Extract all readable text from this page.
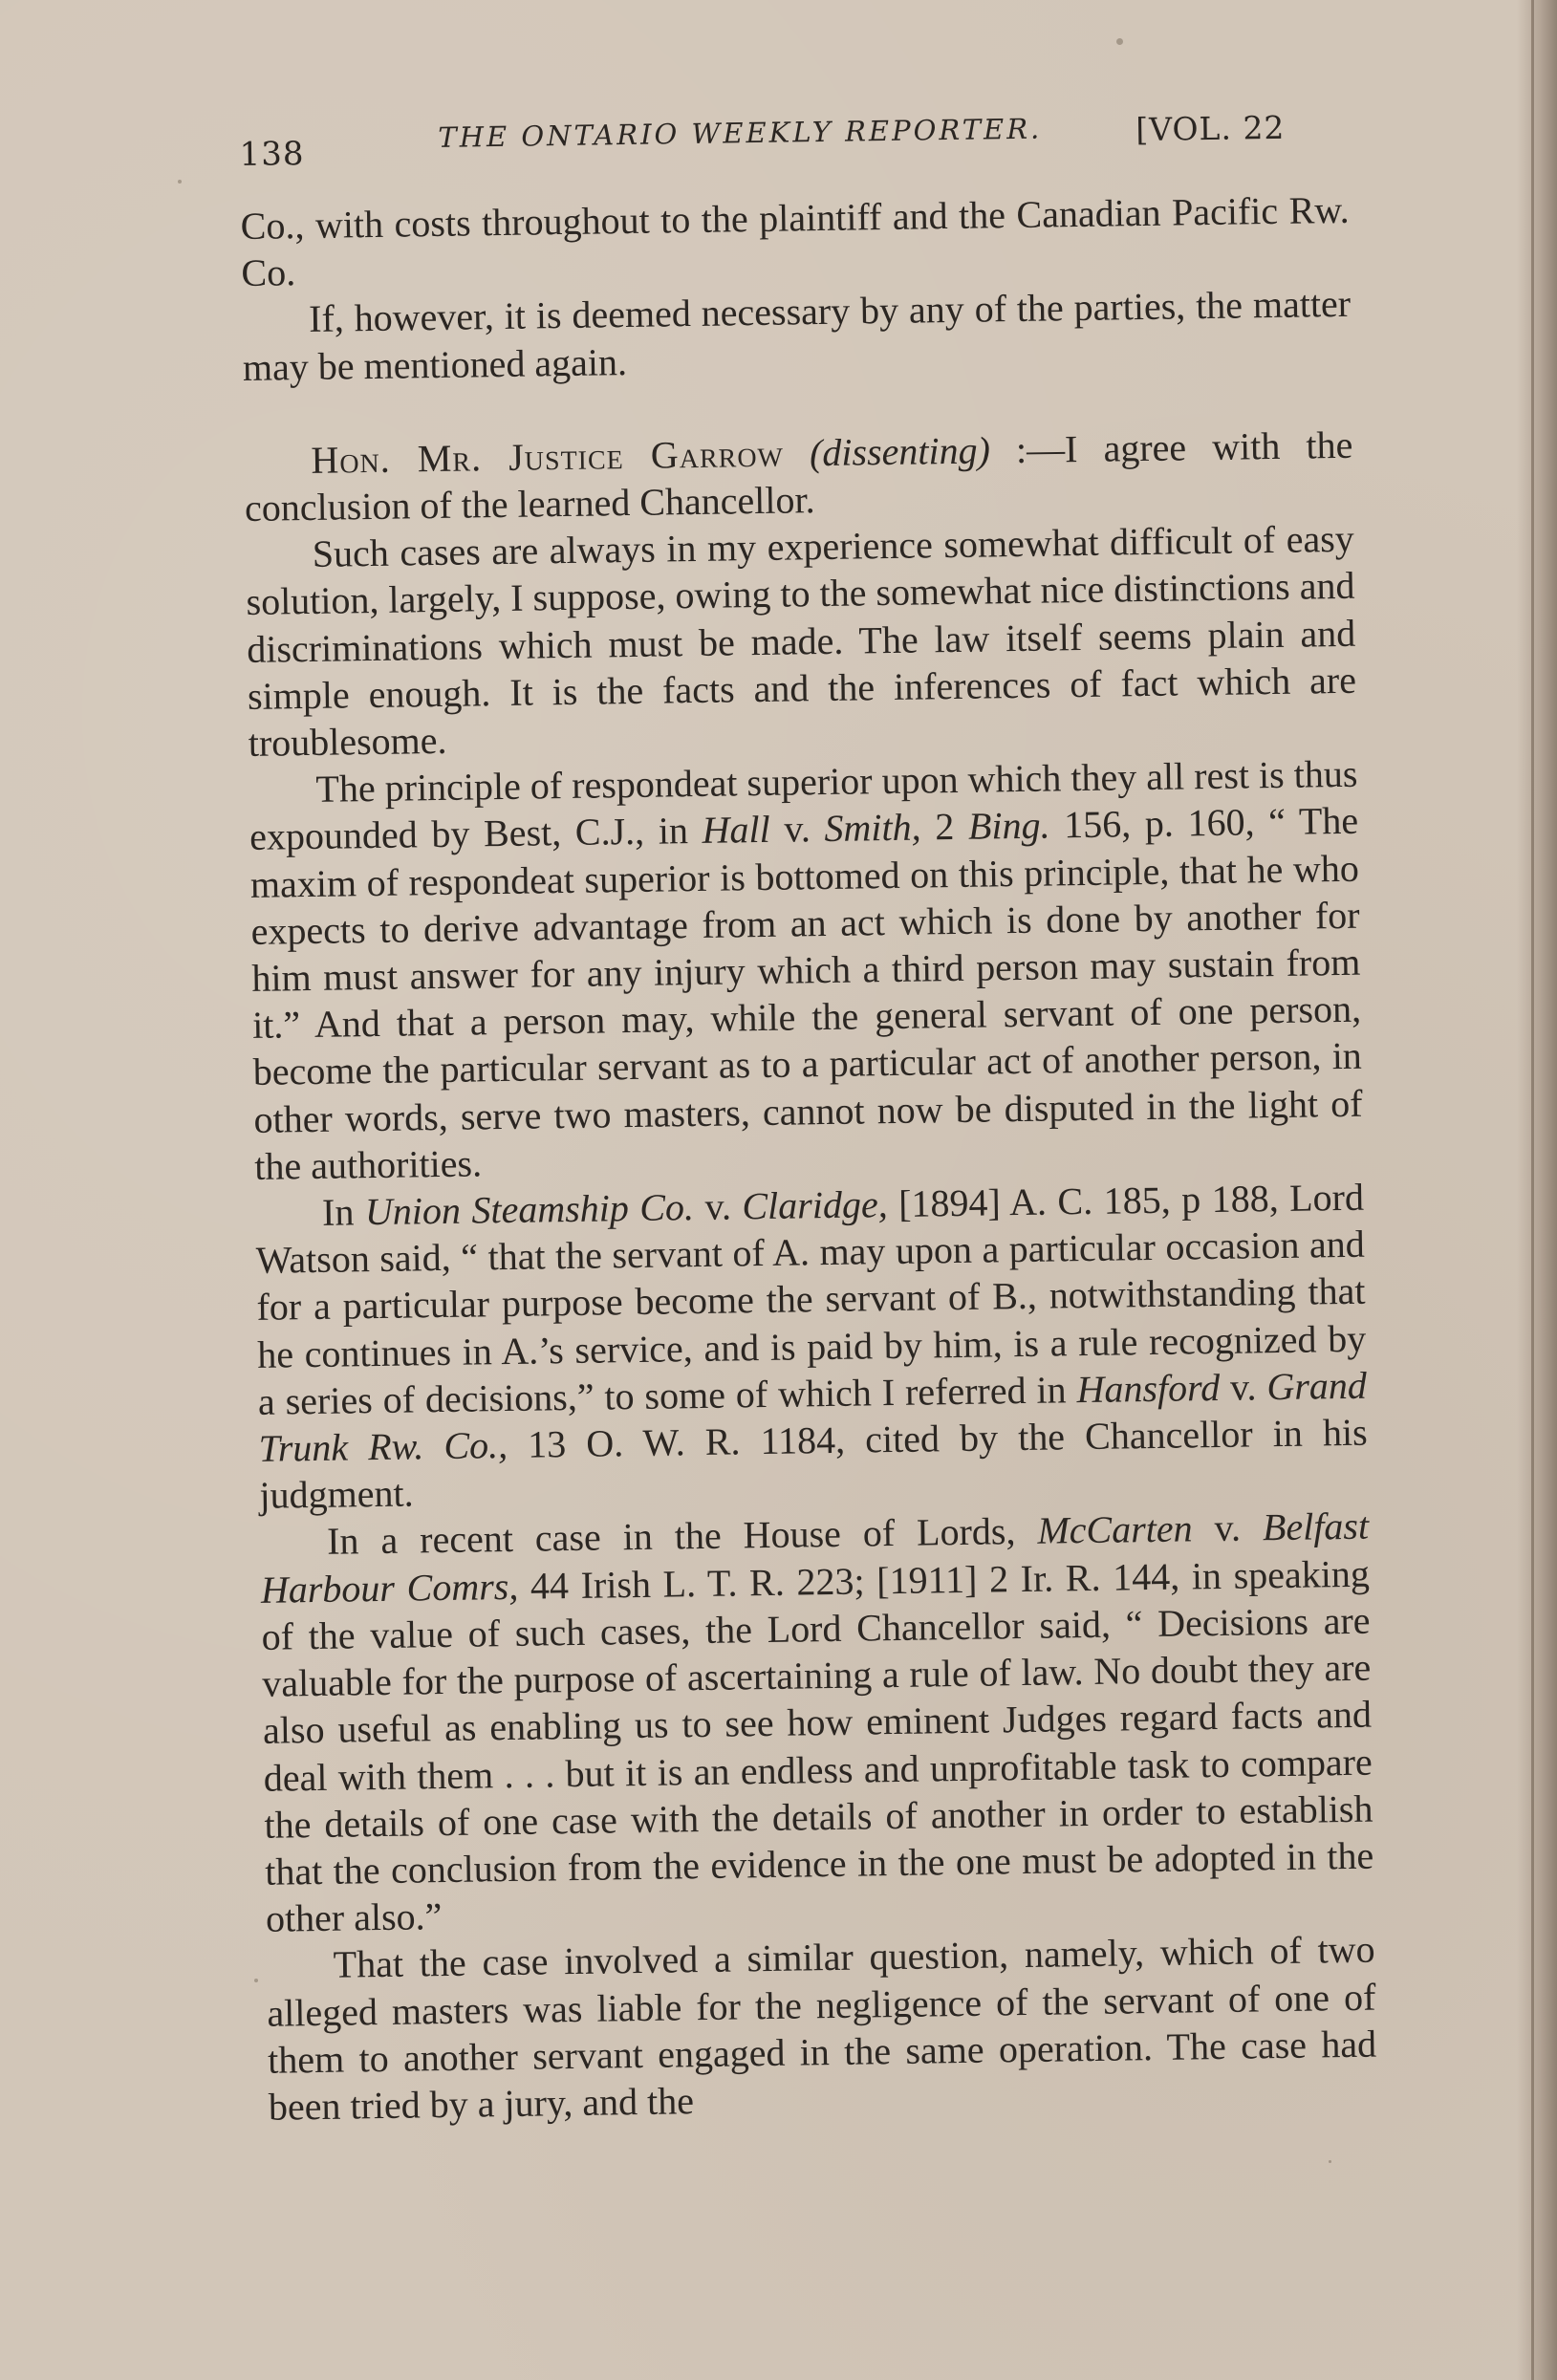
138
THE ONTARIO WEEKLY REPORTER.	[VOL. 22

Co., with costs throughout to the plaintiff and the Canadian Pacific Rw. Co.

If, however, it is deemed necessary by any of the parties, the matter may be mentioned again.

Hon. Mr. Justice Garrow (dissenting) :—I agree with the conclusion of the learned Chancellor.

Such cases are always in my experience somewhat difficult of easy solution, largely, I suppose, owing to the somewhat nice distinctions and discriminations which must be made. The law itself seems plain and simple enough. It is the facts and the inferences of fact which are troublesome.

The principle of respondeat superior upon which they all rest is thus expounded by Best, C.J., in Hall v. Smith, 2 Bing. 156, p. 160, “ The maxim of respondeat superior is bottomed on this principle, that he who expects to derive advantage from an act which is done by another for him must answer for any injury which a third person may sustain from it.” And that a person may, while the general servant of one person, become the particular servant as to a particular act of another person, in other words, serve two masters, cannot now be disputed in the light of the authorities.

In Union Steamship Co. v. Claridge, [1894] A. C. 185, p 188, Lord Watson said, “ that the servant of A. may upon a particular occasion and for a particular purpose become the servant of B., notwithstanding that he continues in A.’s service, and is paid by him, is a rule recognized by a series of decisions,” to some of which I referred in Hansford v. Grand Trunk Rw. Co., 13 O. W. R. 1184, cited by the Chancellor in his judgment.

In a recent case in the House of Lords, McCarten v. Belfast Harbour Comrs, 44 Irish L. T. R. 223; [1911] 2 Ir. R. 144, in speaking of the value of such cases, the Lord Chancellor said, “ Decisions are valuable for the purpose of ascertaining a rule of law. No doubt they are also useful as enabling us to see how eminent Judges regard facts and deal with them . . . but it is an endless and unprofitable task to compare the details of one case with the details of another in order to establish that the conclusion from the evidence in the one must be adopted in the other also.”

That the case involved a similar question, namely, which of two alleged masters was liable for the negligence of the servant of one of them to another servant engaged in the same operation. The case had been tried by a jury, and the
